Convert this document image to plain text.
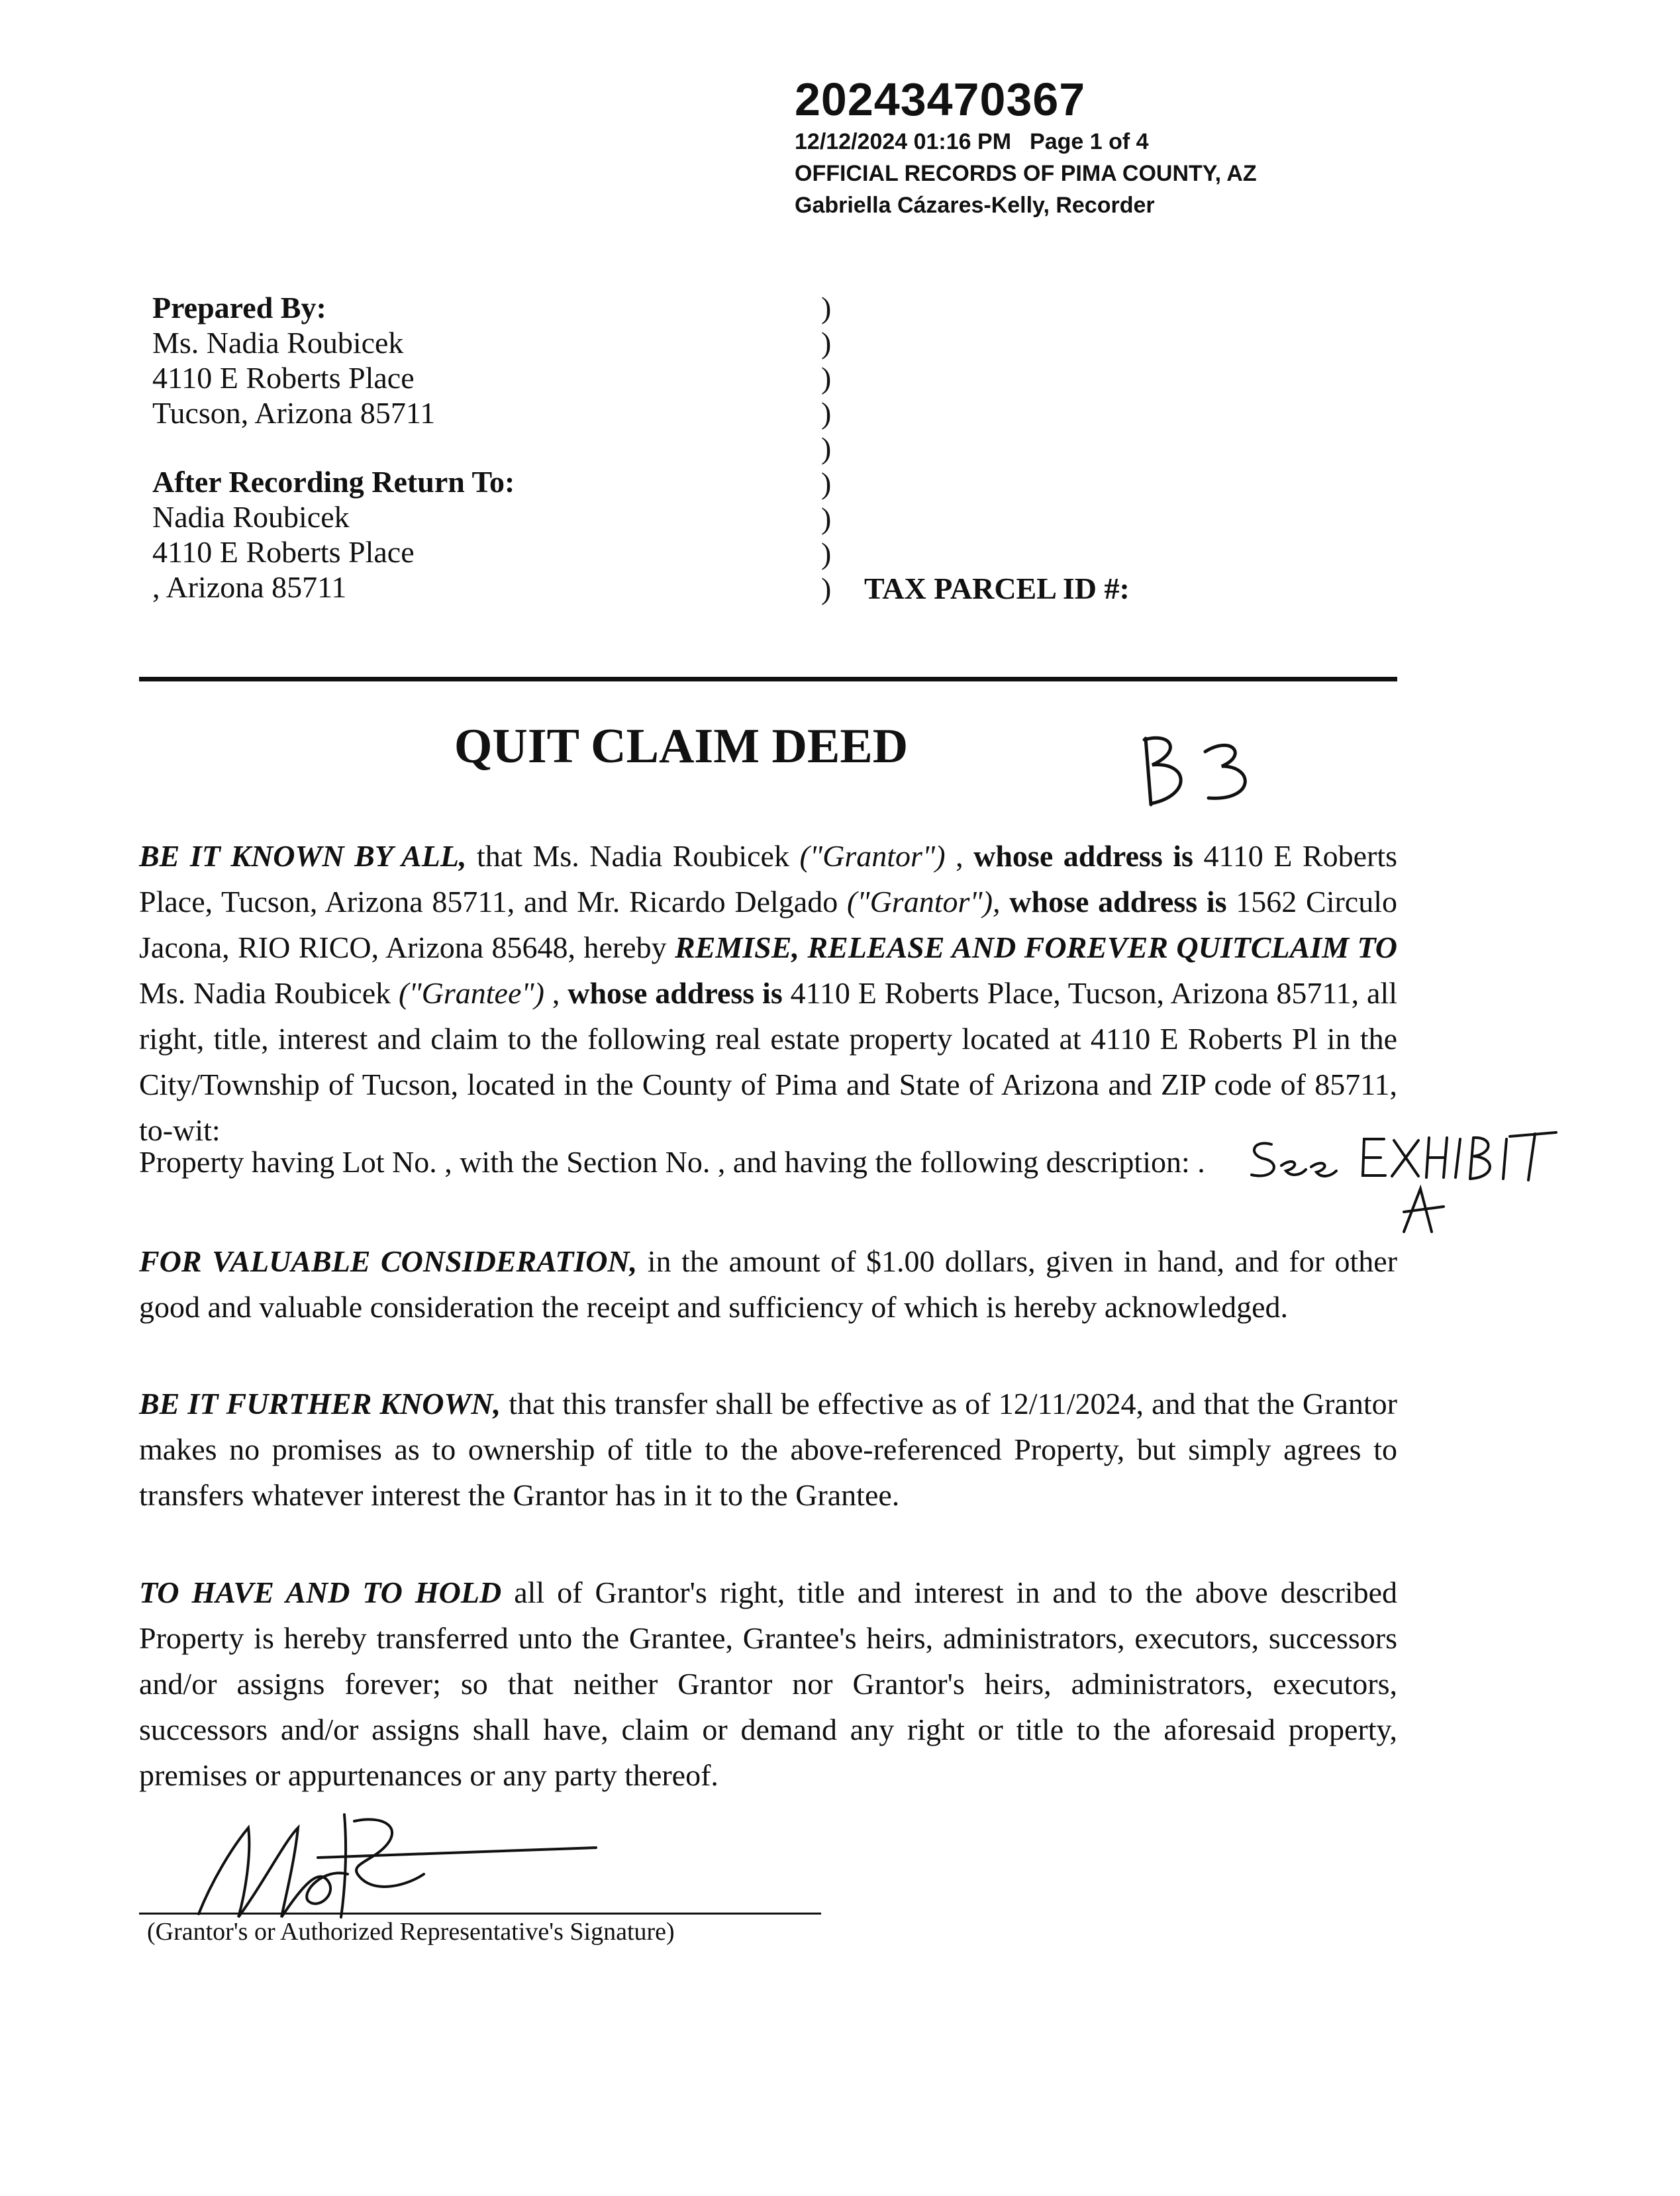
20243470367
12/12/2024 01:16 PM Page 1 of 4
OFFICIAL RECORDS OF PIMA COUNTY, AZ
Gabriella Cázares-Kelly, Recorder
Prepared By:
Ms. Nadia Roubicek
4110 E Roberts Place
Tucson, Arizona 85711
After Recording Return To:
Nadia Roubicek
4110 E Roberts Place
, Arizona 85711
)
)
)
)
)
)
)
)
) TAX PARCEL ID #:
QUIT CLAIM DEED
BE IT KNOWN BY ALL, that Ms. Nadia Roubicek ("Grantor") , whose address is 4110 E Roberts Place, Tucson, Arizona 85711, and Mr. Ricardo Delgado ("Grantor"), whose address is 1562 Circulo Jacona, RIO RICO, Arizona 85648, hereby REMISE, RELEASE AND FOREVER QUITCLAIM TO Ms. Nadia Roubicek ("Grantee") , whose address is 4110 E Roberts Place, Tucson, Arizona 85711, all right, title, interest and claim to the following real estate property located at 4110 E Roberts Pl in the City/Township of Tucson, located in the County of Pima and State of Arizona and ZIP code of 85711, to-wit:
Property having Lot No. , with the Section No. , and having the following description: .
FOR VALUABLE CONSIDERATION, in the amount of $1.00 dollars, given in hand, and for other good and valuable consideration the receipt and sufficiency of which is hereby acknowledged.
BE IT FURTHER KNOWN, that this transfer shall be effective as of 12/11/2024, and that the Grantor makes no promises as to ownership of title to the above-referenced Property, but simply agrees to transfers whatever interest the Grantor has in it to the Grantee.
TO HAVE AND TO HOLD all of Grantor's right, title and interest in and to the above described Property is hereby transferred unto the Grantee, Grantee's heirs, administrators, executors, successors and/or assigns forever; so that neither Grantor nor Grantor's heirs, administrators, executors, successors and/or assigns shall have, claim or demand any right or title to the aforesaid property, premises or appurtenances or any party thereof.
(Grantor's or Authorized Representative's Signature)
